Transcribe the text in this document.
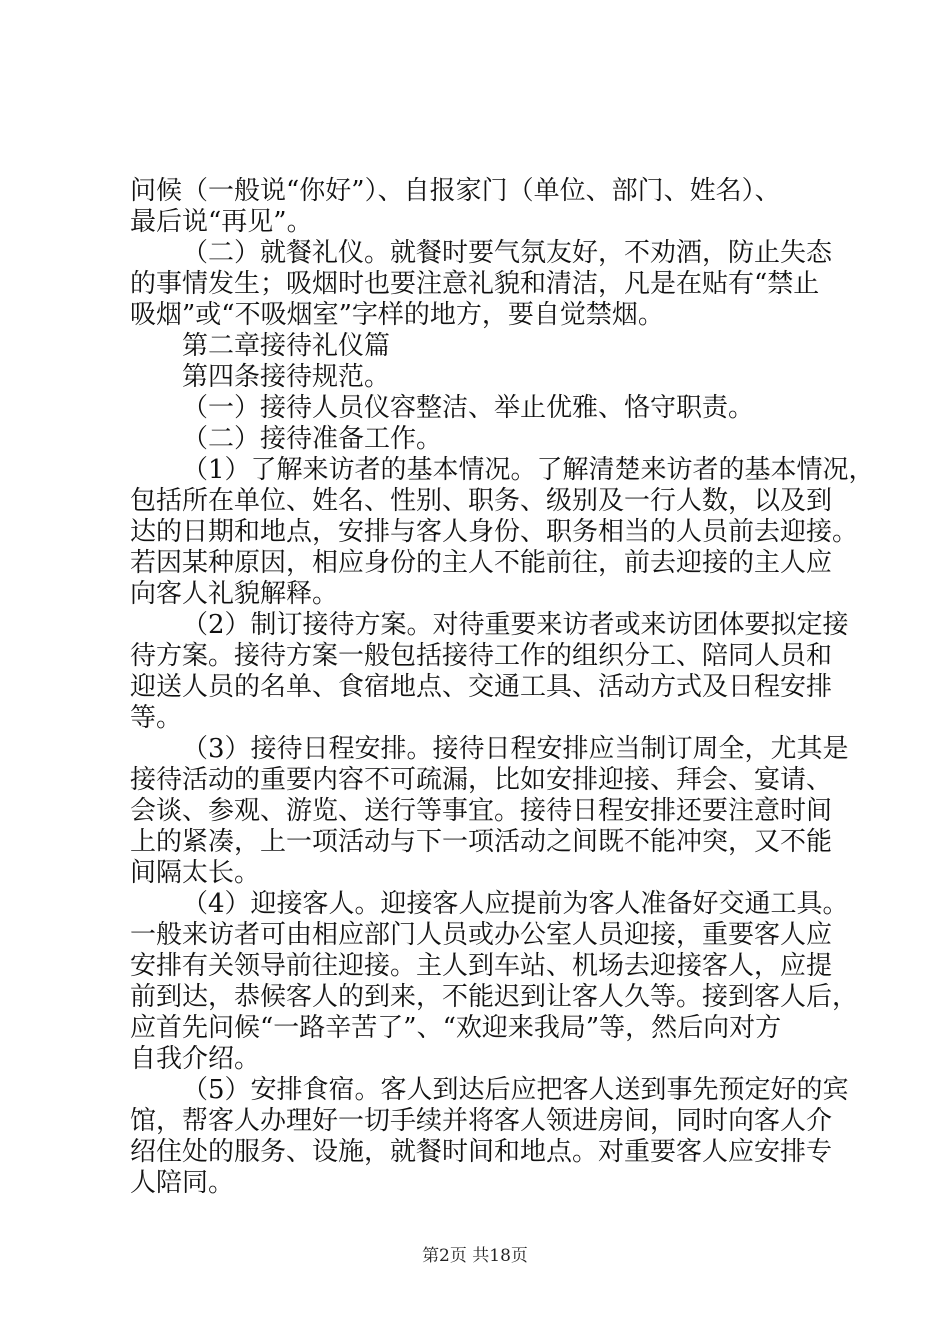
问候（一般说“你好”）、自报家门（单位、部门、姓名）、
最后说“再见”。
（二）就餐礼仪。就餐时要气氛友好，不劝酒，防止失态
的事情发生；吸烟时也要注意礼貌和清洁，凡是在贴有“禁止
吸烟”或“不吸烟室”字样的地方，要自觉禁烟。
第二章接待礼仪篇
第四条接待规范。
（一）接待人员仪容整洁、举止优雅、恪守职责。
（二）接待准备工作。
（1）了解来访者的基本情况。了解清楚来访者的基本情况，
包括所在单位、姓名、性别、职务、级别及一行人数，以及到
达的日期和地点，安排与客人身份、职务相当的人员前去迎接。
若因某种原因，相应身份的主人不能前往，前去迎接的主人应
向客人礼貌解释。
（2）制订接待方案。对待重要来访者或来访团体要拟定接
待方案。接待方案一般包括接待工作的组织分工、陪同人员和
迎送人员的名单、食宿地点、交通工具、活动方式及日程安排
等。
（3）接待日程安排。接待日程安排应当制订周全，尤其是
接待活动的重要内容不可疏漏，比如安排迎接、拜会、宴请、
会谈、参观、游览、送行等事宜。接待日程安排还要注意时间
上的紧凑，上一项活动与下一项活动之间既不能冲突，又不能
间隔太长。
（4）迎接客人。迎接客人应提前为客人准备好交通工具。
一般来访者可由相应部门人员或办公室人员迎接，重要客人应
安排有关领导前往迎接。主人到车站、机场去迎接客人，应提
前到达，恭候客人的到来，不能迟到让客人久等。接到客人后，
应首先问候“一路辛苦了”、“欢迎来我局”等，然后向对方
自我介绍。
（5）安排食宿。客人到达后应把客人送到事先预定好的宾
馆，帮客人办理好一切手续并将客人领进房间，同时向客人介
绍住处的服务、设施，就餐时间和地点。对重要客人应安排专
人陪同。
第2页 共18页
